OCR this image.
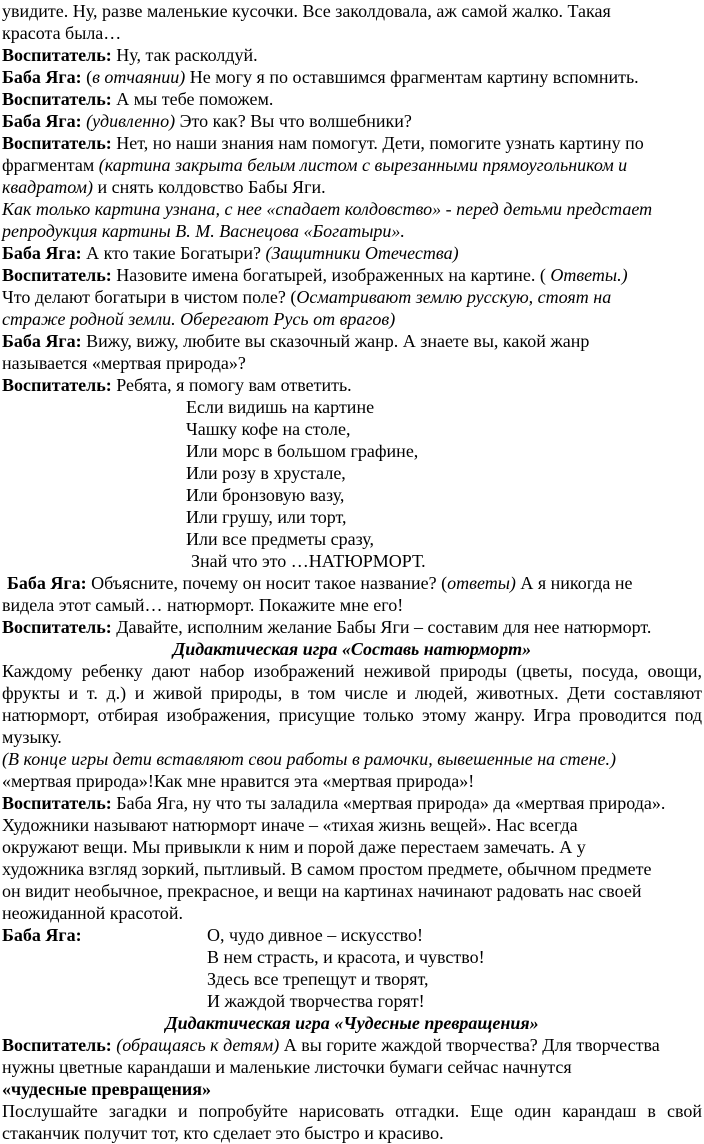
увидите. Ну, разве маленькие кусочки. Все заколдовала, аж самой жалко. Такая
красота была…
Воспитатель: Ну, так расколдуй.
Баба Яга: (в отчаянии) Не могу я по оставшимся фрагментам картину вспомнить.
Воспитатель: А мы тебе поможем.
Баба Яга: (удивленно) Это как? Вы что волшебники?
Воспитатель: Нет, но наши знания нам помогут. Дети, помогите узнать картину по
фрагментам (картина закрыта белым листом с вырезанными прямоугольником и
квадратом) и снять колдовство Бабы Яги.
Как только картина узнана, с нее «спадает колдовство» - перед детьми предстает
репродукция картины В. М. Васнецова «Богатыри».
Баба Яга: А кто такие Богатыри? (Защитники Отечества)
Воспитатель: Назовите имена богатырей, изображенных на картине. ( Ответы.)
Что делают богатыри в чистом поле? (Осматривают землю русскую, стоят на
страже родной земли. Оберегают Русь от врагов)
Баба Яга: Вижу, вижу, любите вы сказочный жанр. А знаете вы, какой жанр
называется «мертвая природа»?
Воспитатель: Ребята, я помогу вам ответить.
Если видишь на картине
Чашку кофе на столе,
Или морс в большом графине,
Или розу в хрустале,
Или бронзовую вазу,
Или грушу, или торт,
Или все предметы сразу,
Знай что это …НАТЮРМОРТ.
Баба Яга: Объясните, почему он носит такое название? (ответы) А я никогда не
видела этот самый… натюрморт. Покажите мне его!
Воспитатель: Давайте, исполним желание Бабы Яги – составим для нее натюрморт.
Дидактическая игра «Составь натюрморт»
Каждому ребенку дают набор изображений неживой природы (цветы, посуда, овощи,
фрукты и т. д.) и живой природы, в том числе и людей, животных. Дети составляют
натюрморт, отбирая изображения, присущие только этому жанру. Игра проводится под
музыку.
(В конце игры дети вставляют свои работы в рамочки, вывешенные на стене.)
«мертвая природа»!Как мне нравится эта «мертвая природа»!
Воспитатель: Баба Яга, ну что ты заладила «мертвая природа» да «мертвая природа».
Художники называют натюрморт иначе – «тихая жизнь вещей». Нас всегда
окружают вещи. Мы привыкли к ним и порой даже перестаем замечать. А у
художника взгляд зоркий, пытливый. В самом простом предмете, обычном предмете
он видит необычное, прекрасное, и вещи на картинах начинают радовать нас своей
неожиданной красотой.
Баба Яга:	О, чудо дивное – искусство!
В нем страсть, и красота, и чувство!
Здесь все трепещут и творят,
И жаждой творчества горят!
Дидактическая игра «Чудесные превращения»
Воспитатель: (обращаясь к детям) А вы горите жаждой творчества? Для творчества
нужны цветные карандаши и маленькие листочки бумаги сейчас начнутся
«чудесные превращения»
Послушайте загадки и попробуйте нарисовать отгадки. Еще один карандаш в свой
стаканчик получит тот, кто сделает это быстро и красиво.
